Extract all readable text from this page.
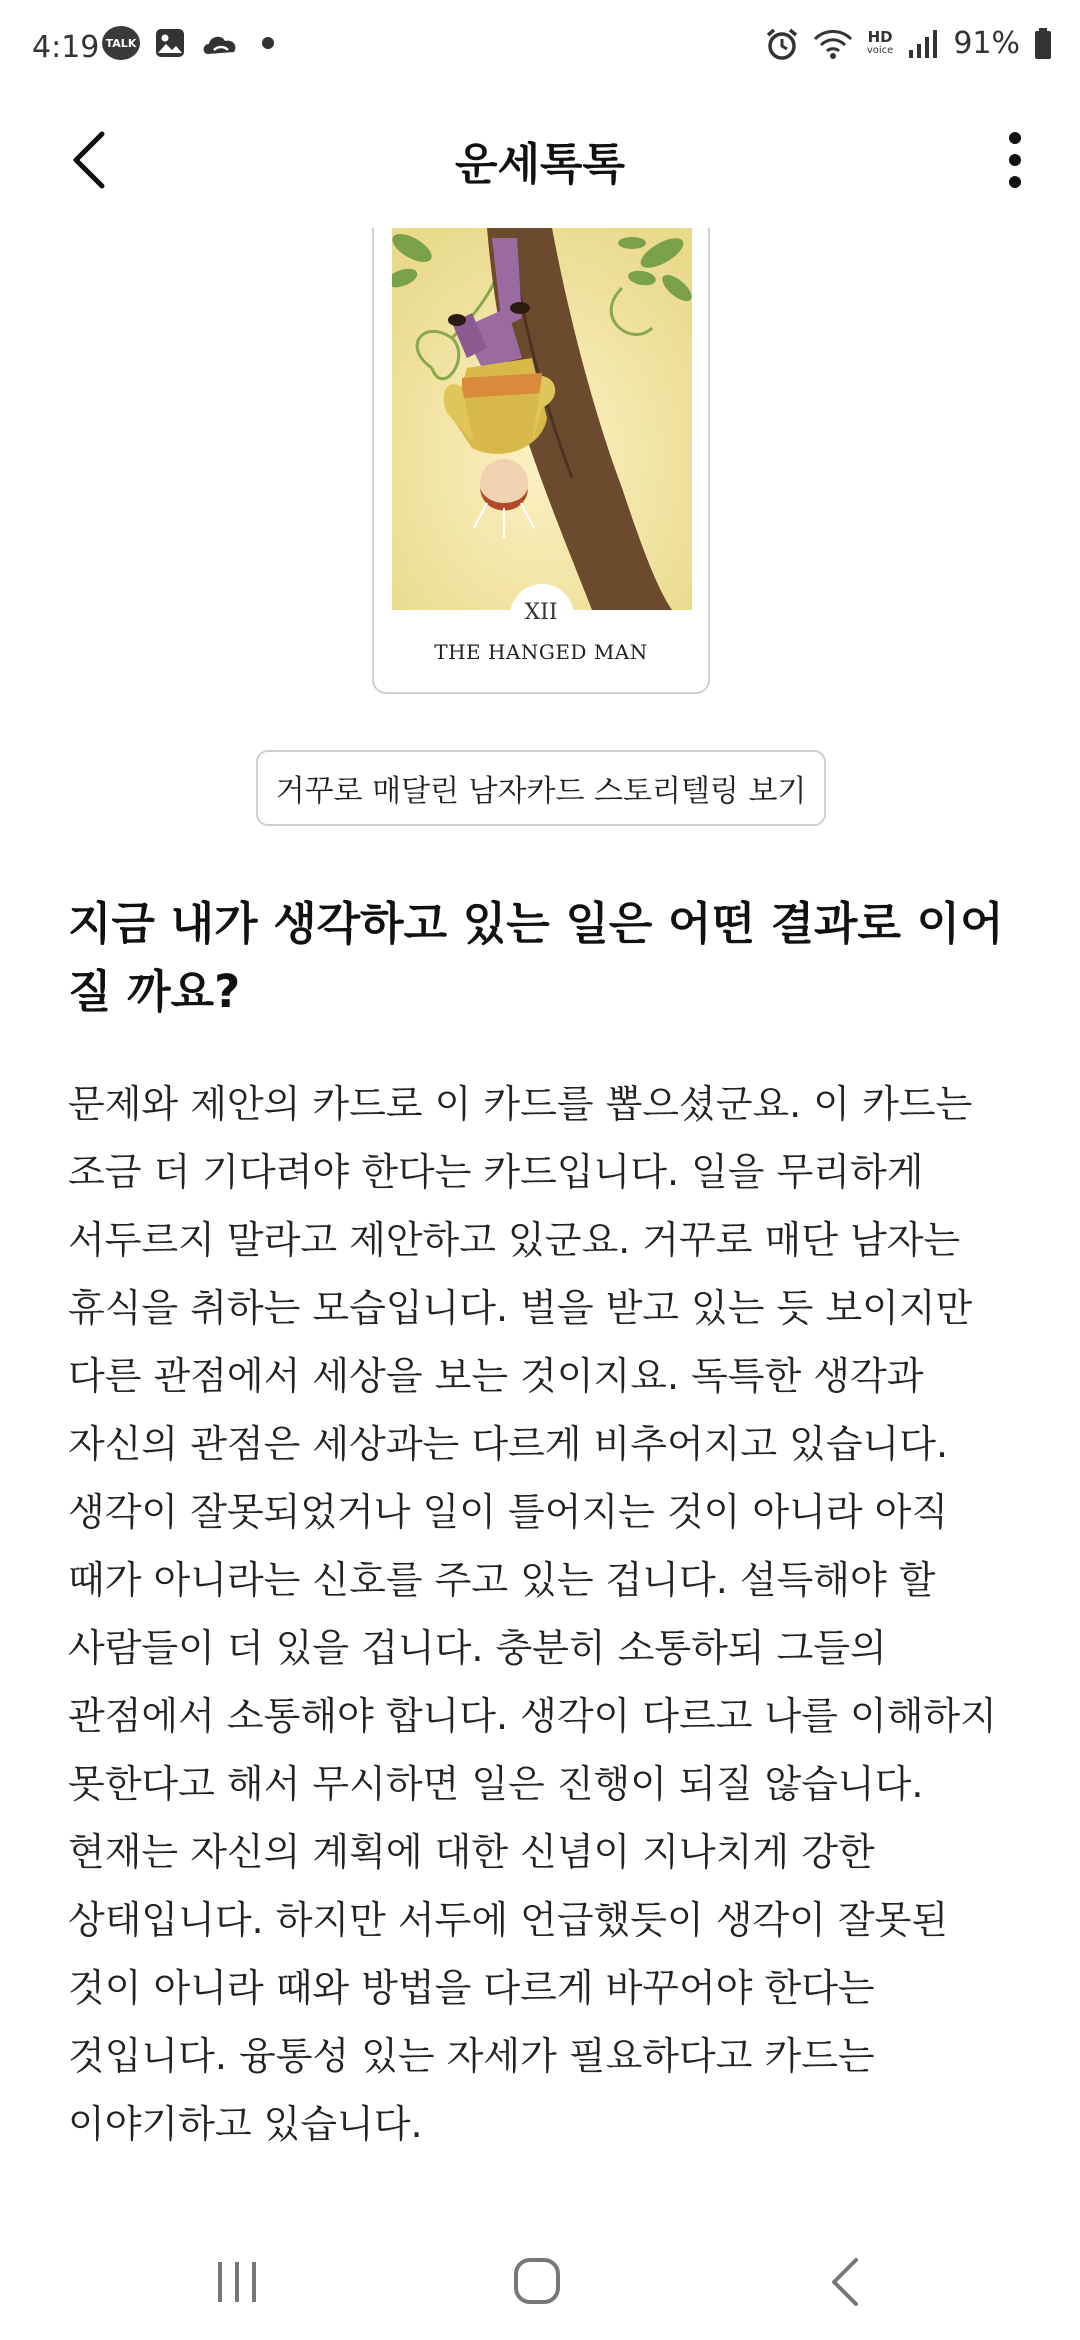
4:19 TALK	HD
voice 91%
운세톡톡
XII
THE HANGED MAN
거꾸로 매달린 남자카드 스토리텔링 보기
지금 내가 생각하고 있는 일은 어떤 결과로 이어질 까요?
문제와 제안의 카드로 이 카드를 뽑으셨군요. 이 카드는
조금 더 기다려야 한다는 카드입니다. 일을 무리하게
서두르지 말라고 제안하고 있군요. 거꾸로 매단 남자는
휴식을 취하는 모습입니다. 벌을 받고 있는 듯 보이지만
다른 관점에서 세상을 보는 것이지요. 독특한 생각과
자신의 관점은 세상과는 다르게 비추어지고 있습니다.
생각이 잘못되었거나 일이 틀어지는 것이 아니라 아직
때가 아니라는 신호를 주고 있는 겁니다. 설득해야 할
사람들이 더 있을 겁니다. 충분히 소통하되 그들의
관점에서 소통해야 합니다. 생각이 다르고 나를 이해하지
못한다고 해서 무시하면 일은 진행이 되질 않습니다.
현재는 자신의 계획에 대한 신념이 지나치게 강한
상태입니다. 하지만 서두에 언급했듯이 생각이 잘못된
것이 아니라 때와 방법을 다르게 바꾸어야 한다는
것입니다. 융통성 있는 자세가 필요하다고 카드는
이야기하고 있습니다.
